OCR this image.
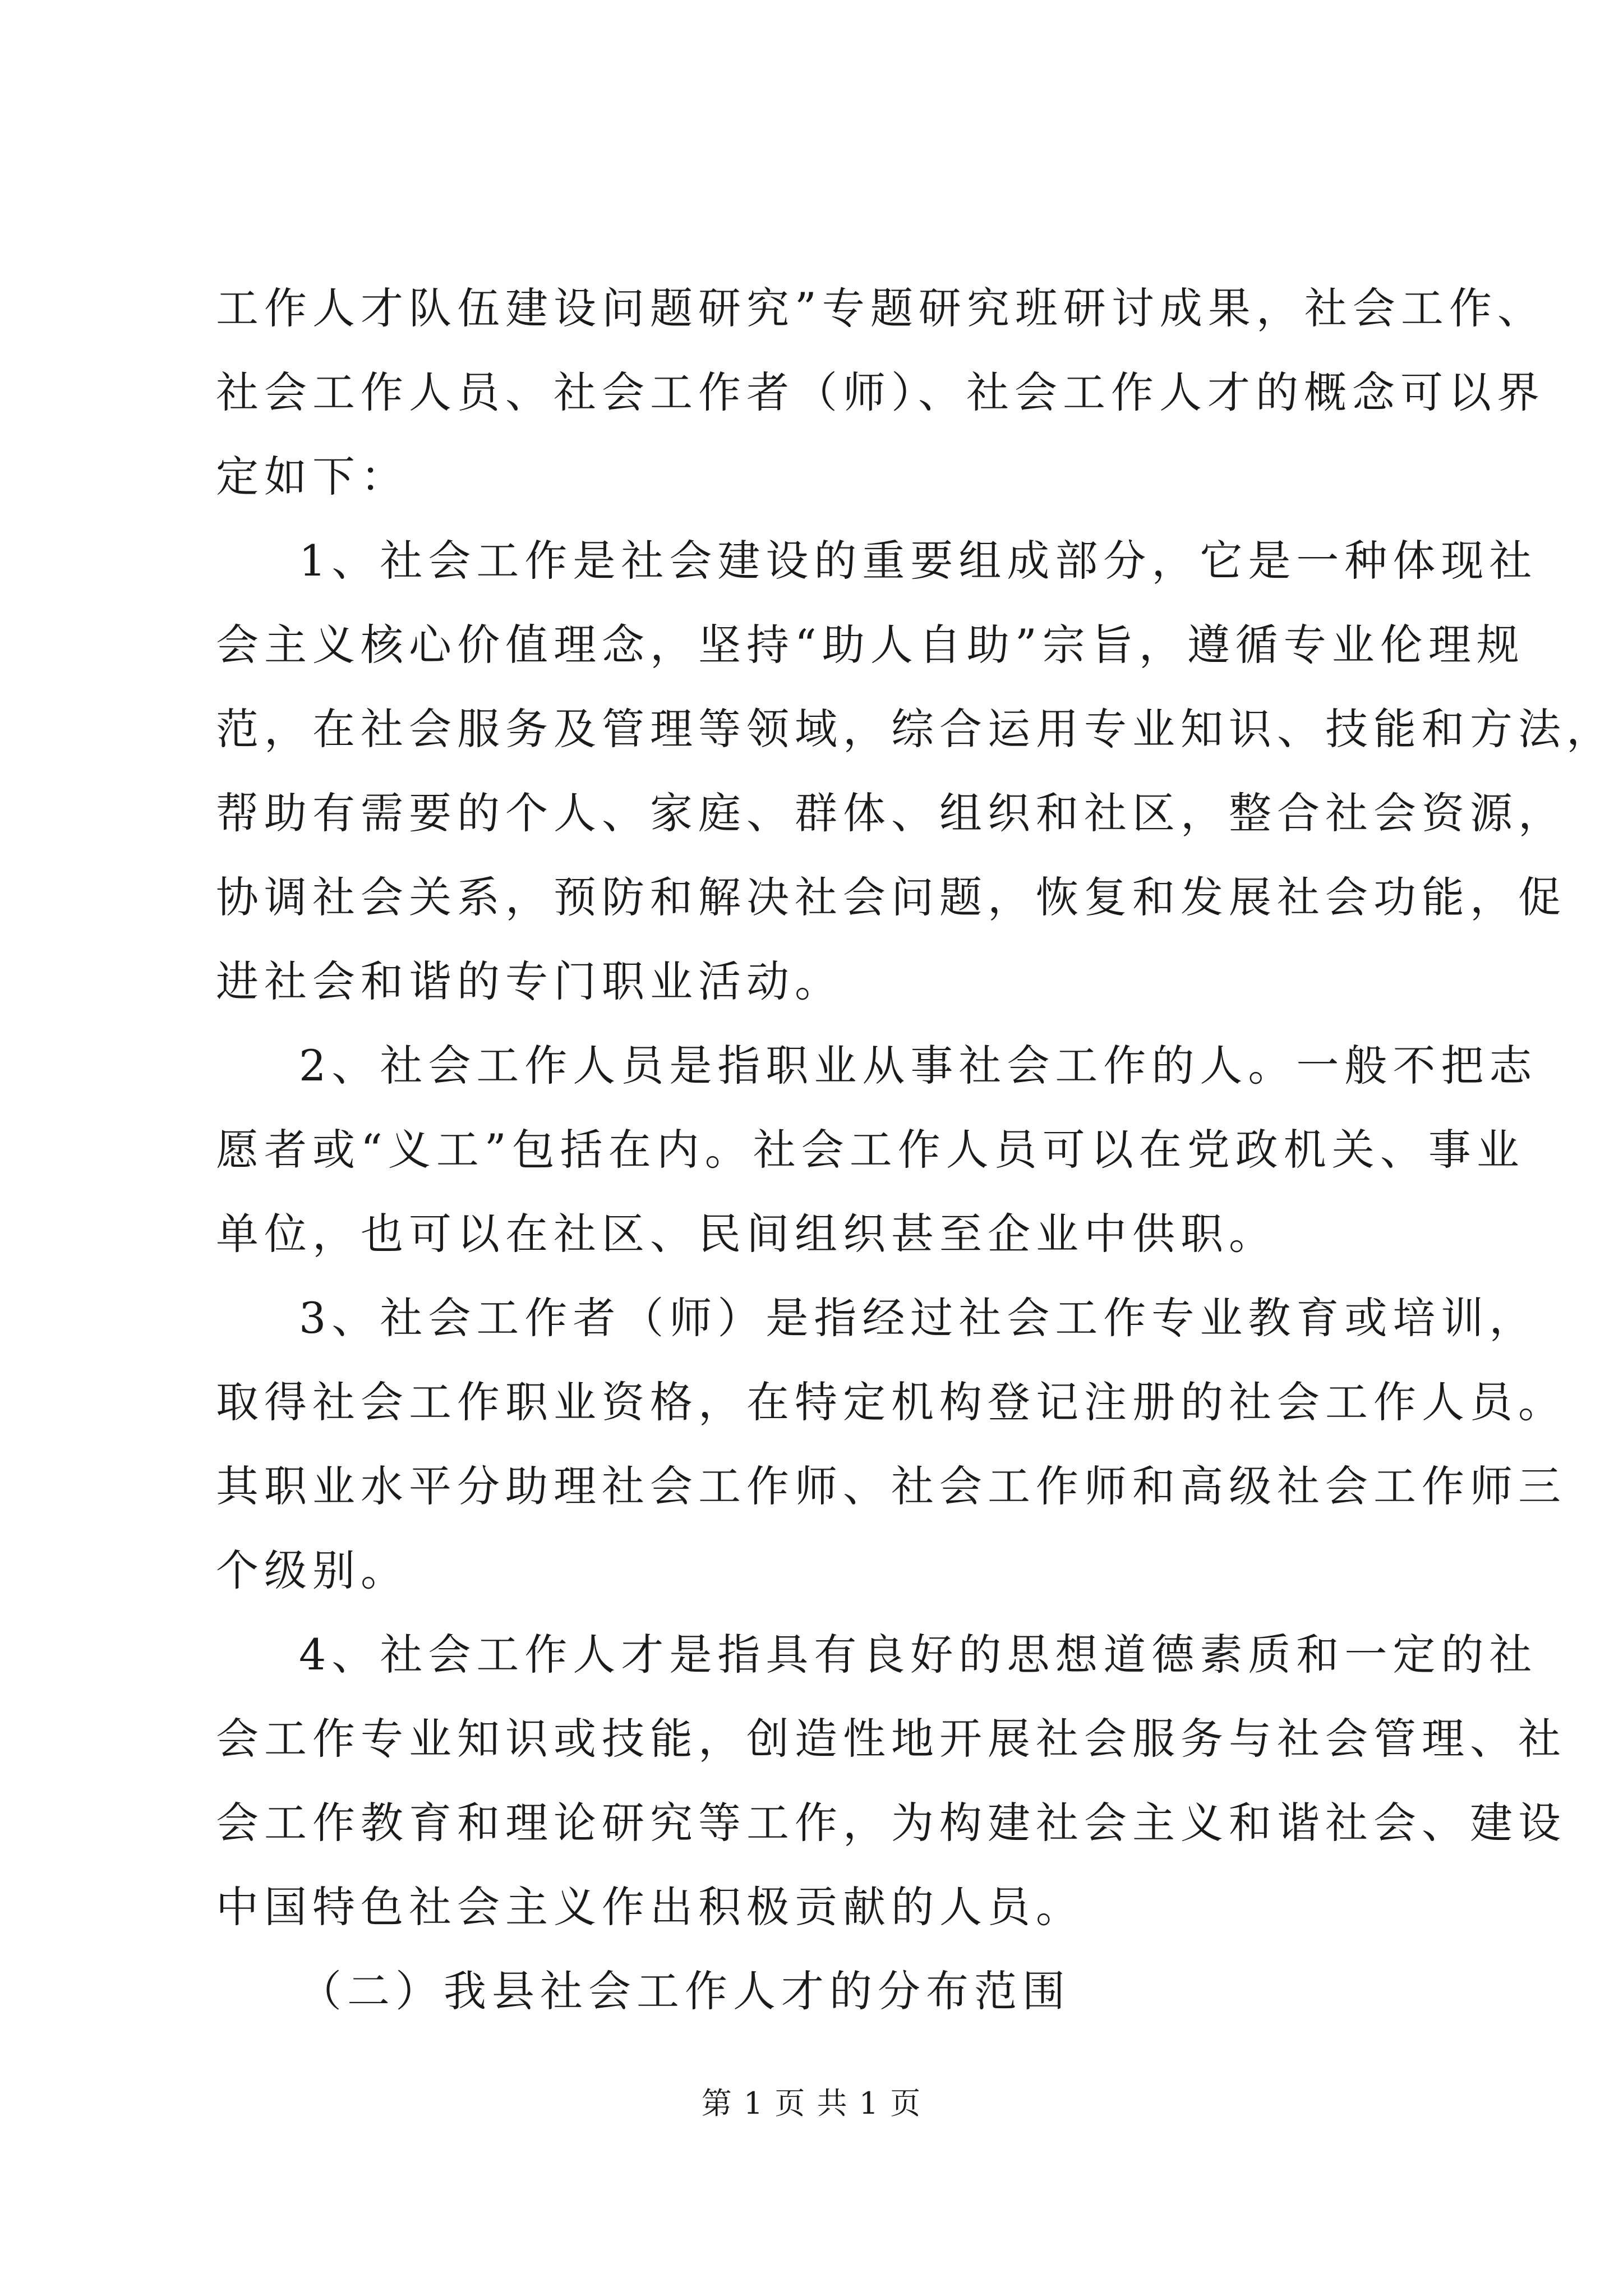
工作人才队伍建设问题研究”专题研究班研讨成果，社会工作、
社会工作人员、社会工作者（师）、社会工作人才的概念可以界
定如下：
1、社会工作是社会建设的重要组成部分，它是一种体现社
会主义核心价值理念，坚持“助人自助”宗旨，遵循专业伦理规
范，在社会服务及管理等领域，综合运用专业知识、技能和方法，
帮助有需要的个人、家庭、群体、组织和社区，整合社会资源，
协调社会关系，预防和解决社会问题，恢复和发展社会功能，促
进社会和谐的专门职业活动。
2、社会工作人员是指职业从事社会工作的人。一般不把志
愿者或“义工”包括在内。社会工作人员可以在党政机关、事业
单位，也可以在社区、民间组织甚至企业中供职。
3、社会工作者（师）是指经过社会工作专业教育或培训，
取得社会工作职业资格，在特定机构登记注册的社会工作人员。
其职业水平分助理社会工作师、社会工作师和高级社会工作师三
个级别。
4、社会工作人才是指具有良好的思想道德素质和一定的社
会工作专业知识或技能，创造性地开展社会服务与社会管理、社
会工作教育和理论研究等工作，为构建社会主义和谐社会、建设
中国特色社会主义作出积极贡献的人员。
（二）我县社会工作人才的分布范围
第 1 页 共 1 页
